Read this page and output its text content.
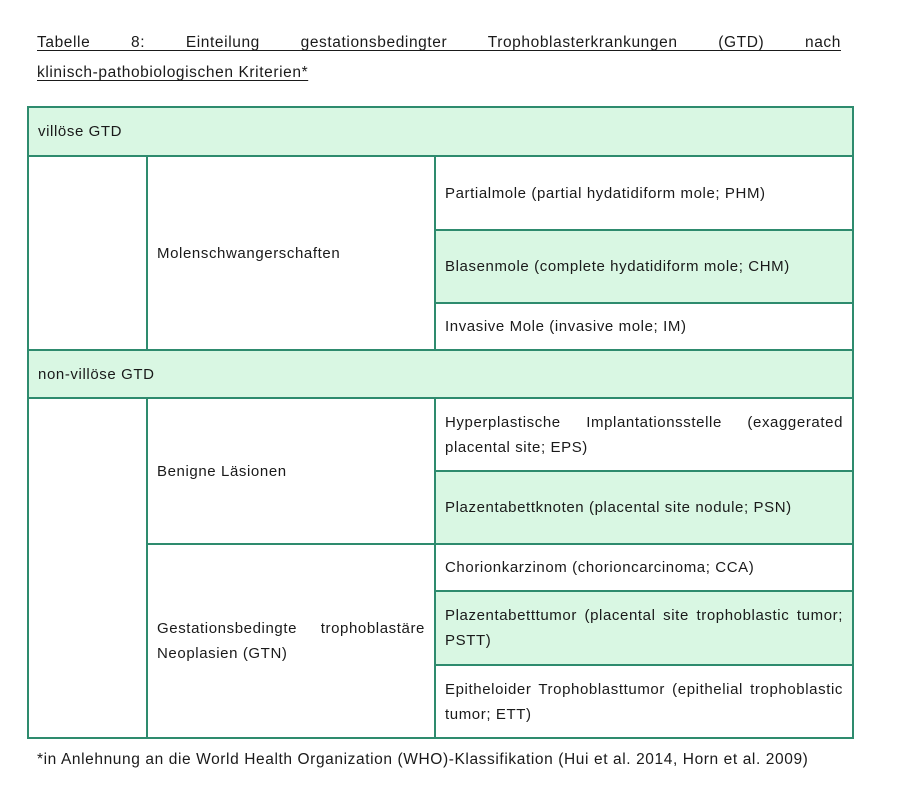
Tabelle 8: Einteilung gestationsbedingter Trophoblasterkrankungen (GTD) nach
klinisch-pathobiologischen Kriterien*
villöse GTD		
	Molenschwangerschaften	Partialmole (partial hydatidiform mole; PHM)
		Blasenmole (complete hydatidiform mole; CHM)
		Invasive Mole (invasive mole; IM)
non-villöse GTD		
	Benigne Läsionen	Hyperplastische Implantationsstelle (exaggerated placental site; EPS)
		Plazentabettknoten (placental site nodule; PSN)
	Gestationsbedingte trophoblastäre Neoplasien (GTN)	Chorionkarzinom (chorioncarcinoma; CCA)
		Plazentabetttumor (placental site trophoblastic tumor; PSTT)
		Epitheloider Trophoblasttumor (epithelial trophoblastic tumor; ETT)
*in Anlehnung an die World Health Organization (WHO)-Klassifikation (Hui et al. 2014, Horn et al. 2009)
